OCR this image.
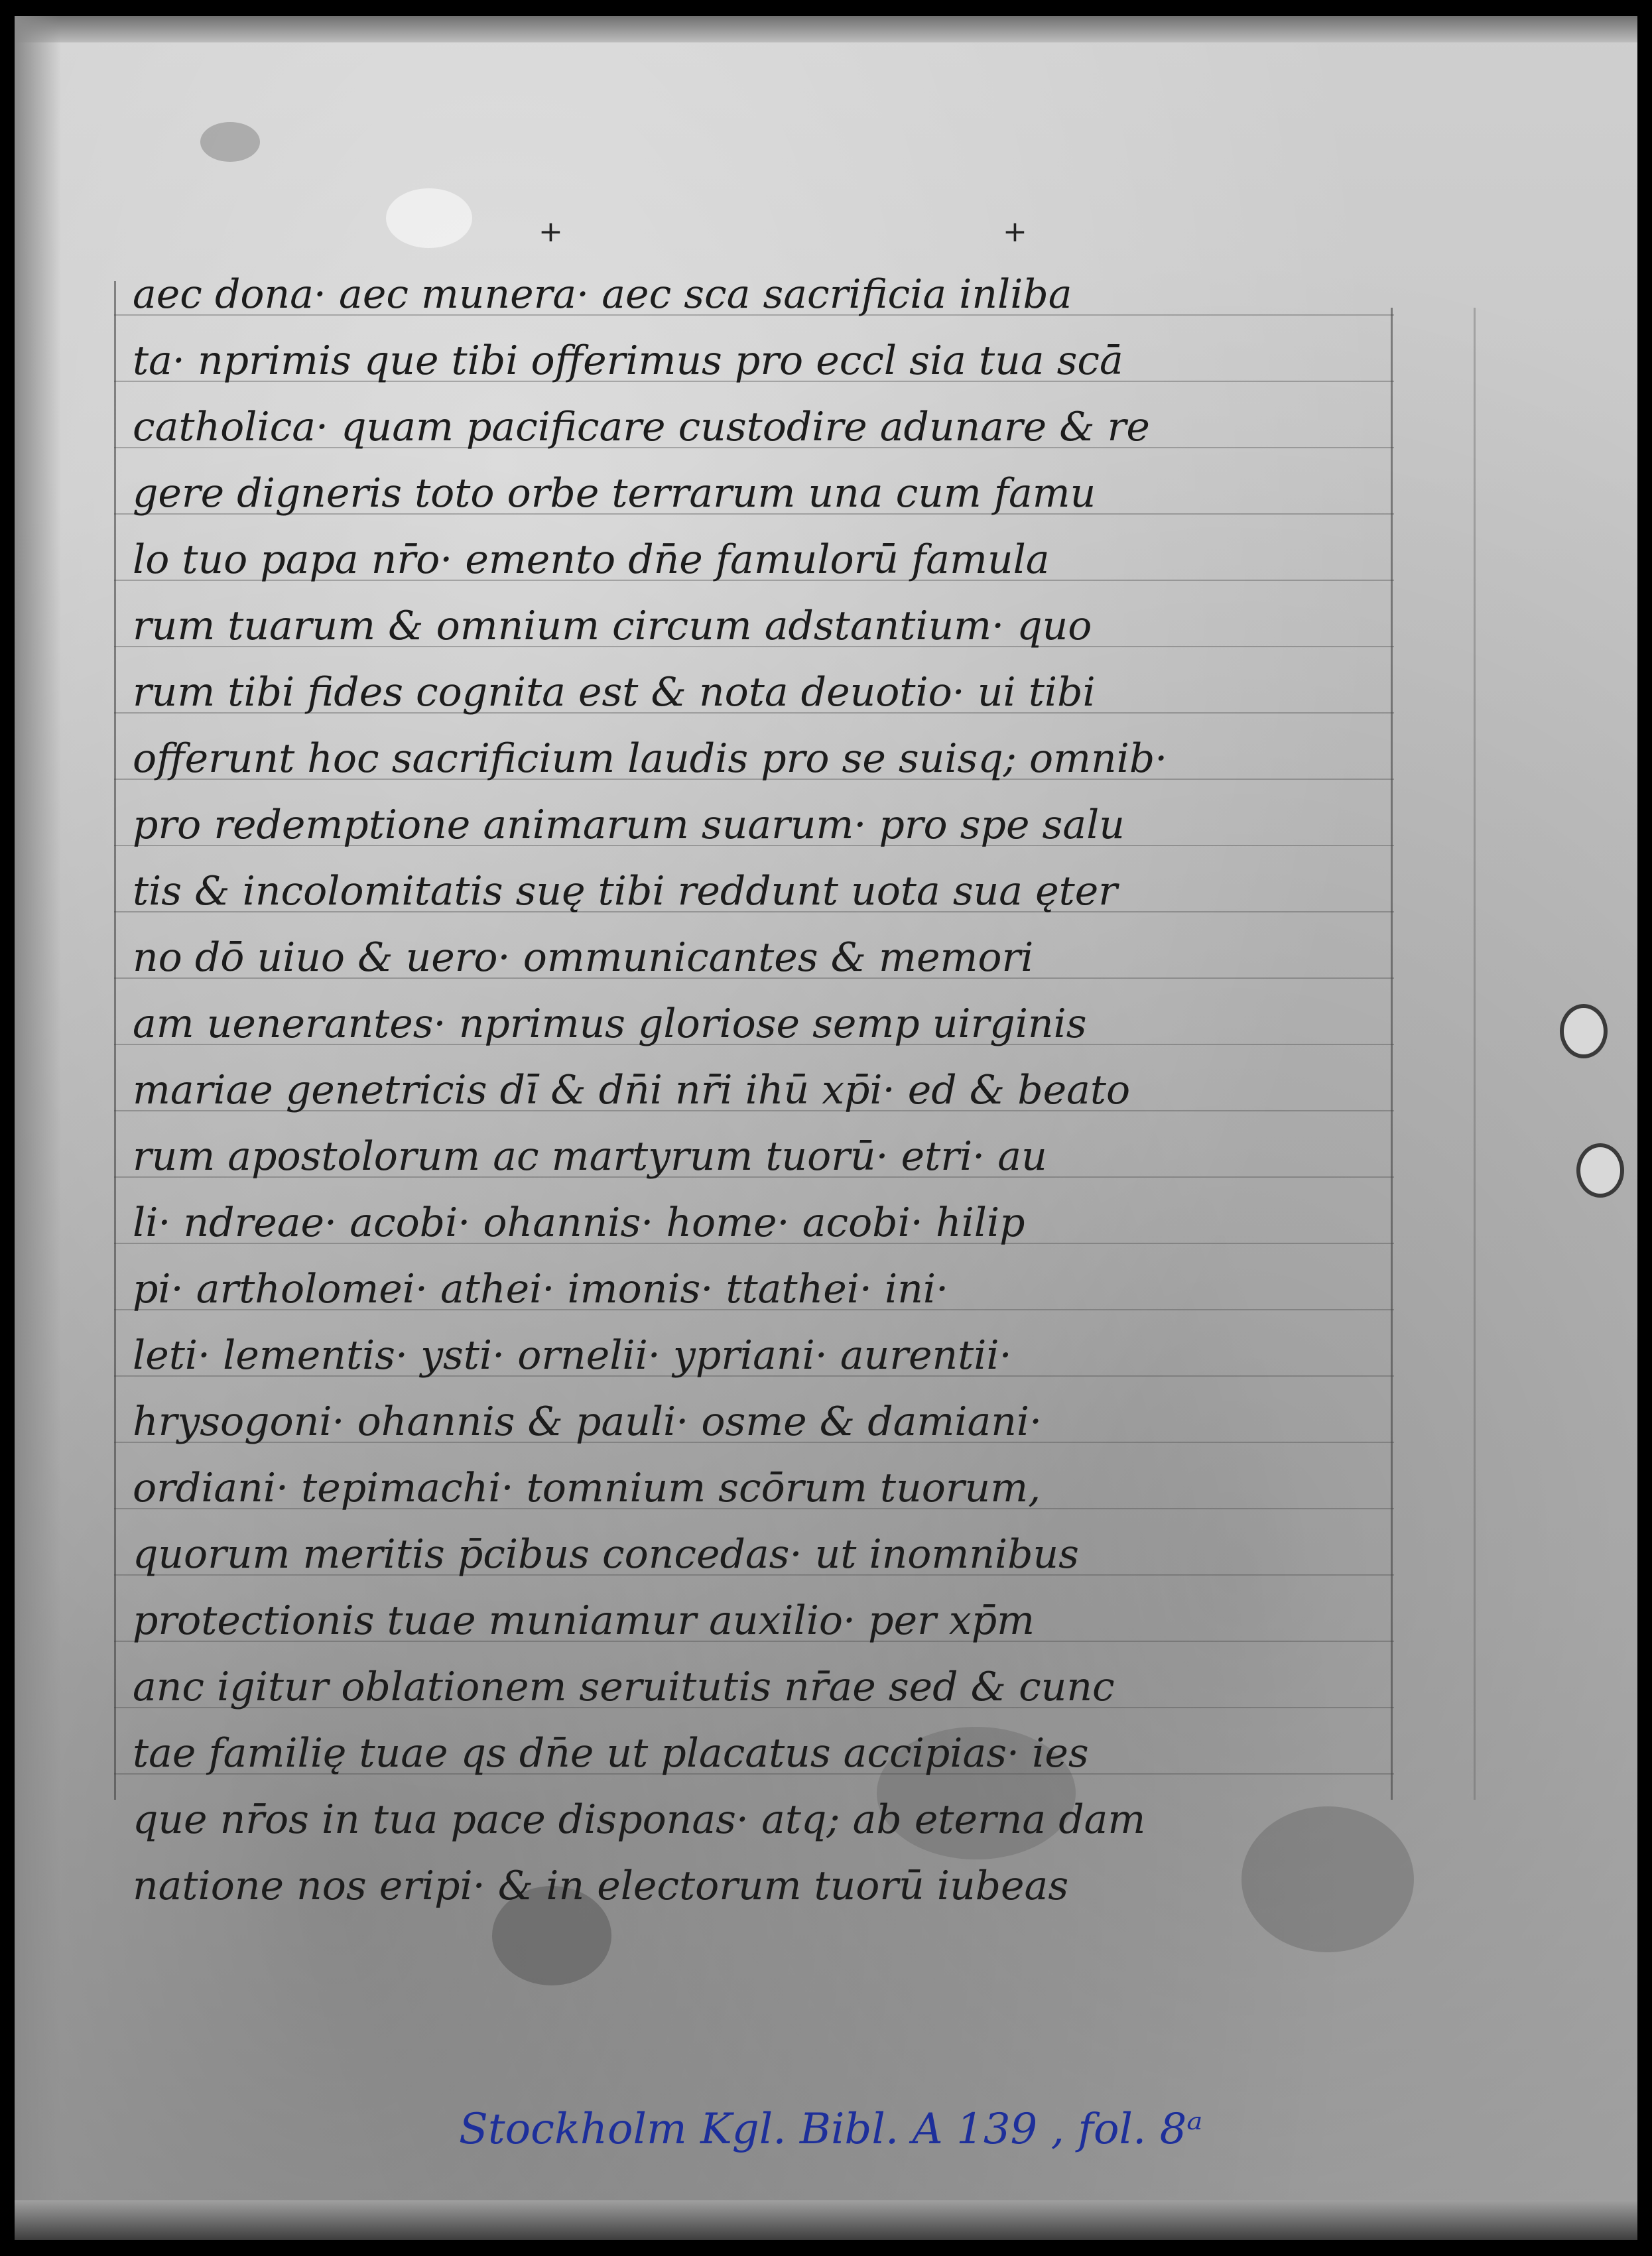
+	+
aec dona· aec munera· aec sca sacrificia inliba
ta· nprimis que tibi offerimus pro eccl sia tua scā
catholica· quam pacificare custodire adunare & re
gere digneris toto orbe terrarum una cum famu
lo tuo papa nr̄o· emento dn̄e famulorū famula
rum tuarum & omnium circum adstantium· quo
rum tibi fides cognita est & nota deuotio· ui tibi
offerunt hoc sacrificium laudis pro se suisq; omnib·
pro redemptione animarum suarum· pro spe salu
tis & incolomitatis suę tibi reddunt uota sua ęter
no dō uiuo & uero· ommunicantes & memori
am uenerantes· nprimus gloriose semp uirginis
mariae genetricis dī & dn̄i nr̄i ihū xp̄i· ed & beato
rum apostolorum ac martyrum tuorū· etri· au
li· ndreae· acobi· ohannis· home· acobi· hilip
pi· artholomei· athei· imonis· ttathei· ini·
leti· lementis· ysti· ornelii· ypriani· aurentii·
hrysogoni· ohannis & pauli· osme & damiani·
ordiani· tepimachi· tomnium scōrum tuorum,
quorum meritis p̄cibus concedas· ut inomnibus
protectionis tuae muniamur auxilio· per xp̄m
anc igitur oblationem seruitutis nr̄ae sed & cunc
tae familię tuae qs dn̄e ut placatus accipias· ies
que nr̄os in tua pace disponas· atq; ab eterna dam
natione nos eripi· & in electorum tuorū iubeas
Stockholm Kgl. Bibl. A 139 , fol. 8ᵃ
